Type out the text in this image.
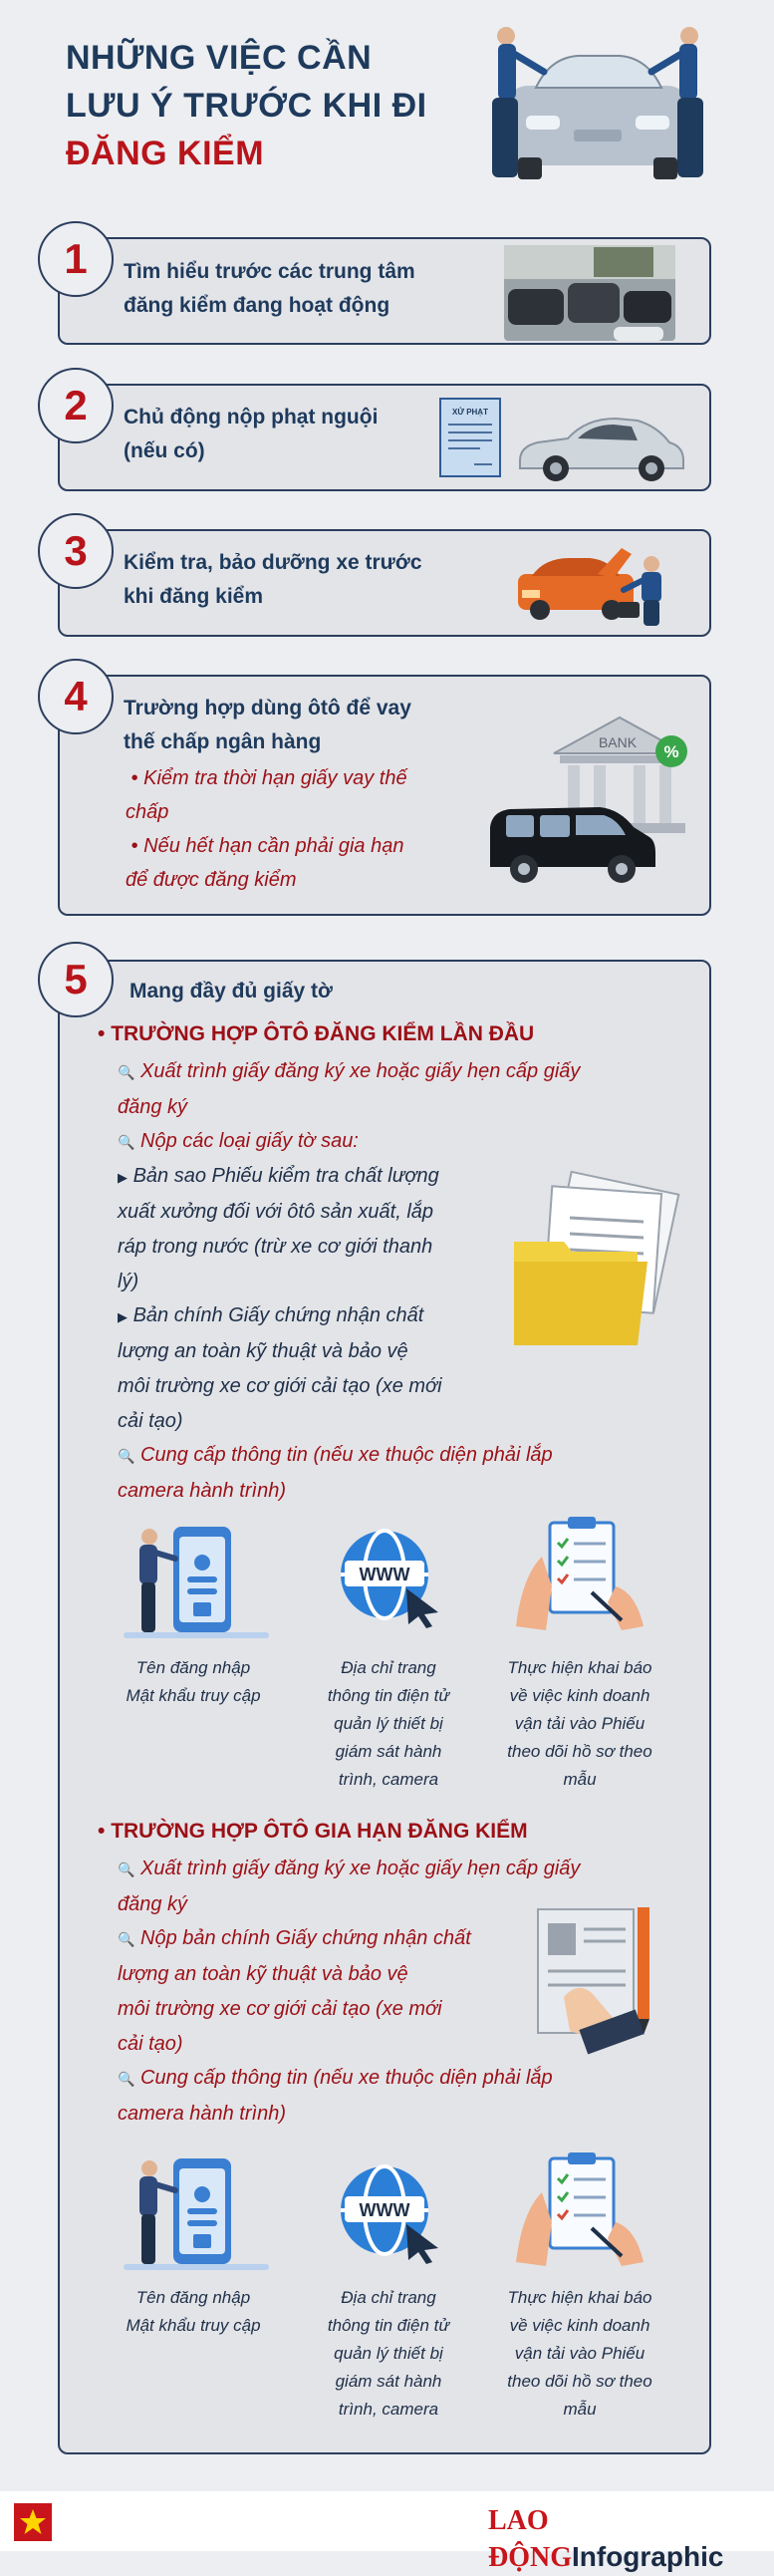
NHỮNG VIỆC CẦN
LƯU Ý TRƯỚC KHI ĐI
ĐĂNG KIỂM
1	Tìm hiểu trước các trung tâm
đăng kiểm đang hoạt động
2	Chủ động nộp phạt nguội
(nếu có)
XỬ PHẠT
3	Kiểm tra, bảo dưỡng xe trước
khi đăng kiểm
4	Trường hợp dùng ôtô để vay
thế chấp ngân hàng
• Kiểm tra thời hạn giấy vay thế
chấp
• Nếu hết hạn cần phải gia hạn
để được đăng kiểm
BANK %
5	Mang đầy đủ giấy tờ
• TRƯỜNG HỢP ÔTÔ ĐĂNG KIỂM LẦN ĐẦU
🔍 Xuất trình giấy đăng ký xe hoặc giấy hẹn cấp giấy
đăng ký
🔍 Nộp các loại giấy tờ sau:
▶ Bản sao Phiếu kiểm tra chất lượng
xuất xưởng đối với ôtô sản xuất, lắp
ráp trong nước (trừ xe cơ giới thanh
lý)
▶ Bản chính Giấy chứng nhận chất
lượng an toàn kỹ thuật và bảo vệ
môi trường xe cơ giới cải tạo (xe mới
cải tạo)
🔍 Cung cấp thông tin (nếu xe thuộc diện phải lắp
camera hành trình)
WWW
Tên đăng nhập
Mật khẩu truy cập
Địa chỉ trang
thông tin điện tử
quản lý thiết bị
giám sát hành
trình, camera
Thực hiện khai báo
về việc kinh doanh
vận tải vào Phiếu
theo dõi hồ sơ theo
mẫu
• TRƯỜNG HỢP ÔTÔ GIA HẠN ĐĂNG KIỂM
🔍 Xuất trình giấy đăng ký xe hoặc giấy hẹn cấp giấy
đăng ký
🔍 Nộp bản chính Giấy chứng nhận chất
lượng an toàn kỹ thuật và bảo vệ
môi trường xe cơ giới cải tạo (xe mới
cải tạo)
🔍 Cung cấp thông tin (nếu xe thuộc diện phải lắp
camera hành trình)
WWW
Tên đăng nhập
Mật khẩu truy cập
Địa chỉ trang
thông tin điện tử
quản lý thiết bị
giám sát hành
trình, camera
Thực hiện khai báo
về việc kinh doanh
vận tải vào Phiếu
theo dõi hồ sơ theo
mẫu
LAO ĐỘNGInfographic
